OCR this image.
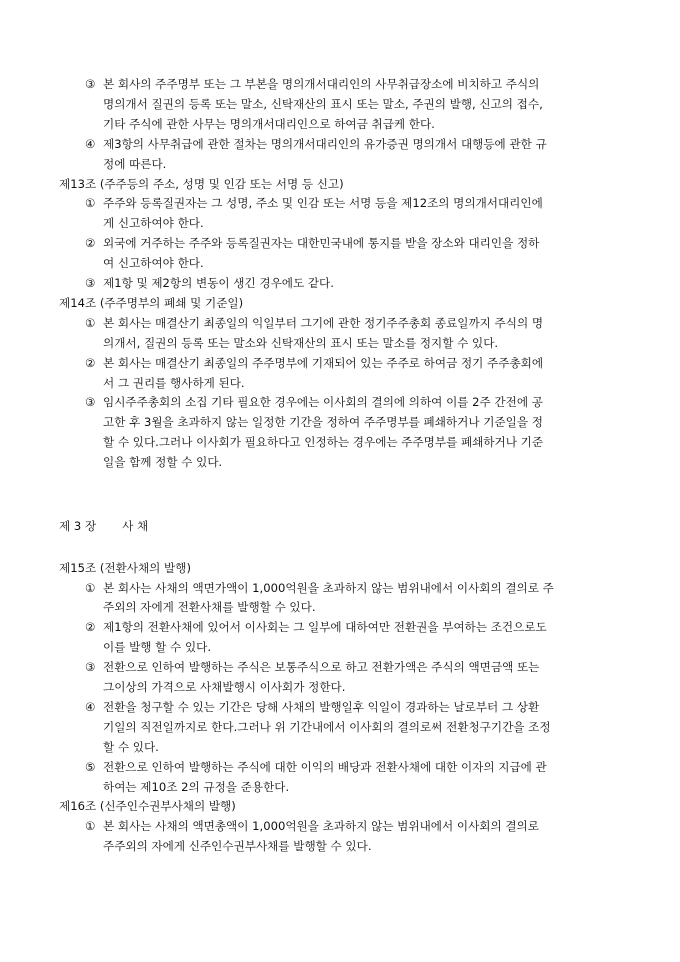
③ 본 회사의 주주명부 또는 그 부본을 명의개서대리인의 사무취급장소에 비치하고 주식의
명의개서 질권의 등록 또는 말소, 신탁재산의 표시 또는 말소, 주권의 발행, 신고의 접수,
기타 주식에 관한 사무는 명의개서대리인으로 하여금 취급케 한다.
④ 제3항의 사무취급에 관한 절차는 명의개서대리인의 유가증권 명의개서 대행등에 관한 규
정에 따른다.
제13조 (주주등의 주소, 성명 및 인감 또는 서명 등 신고)
① 주주와 등록질권자는 그 성명, 주소 및 인감 또는 서명 등을 제12조의 명의개서대리인에
게 신고하여야 한다.
② 외국에 거주하는 주주와 등록질권자는 대한민국내에 통지를 받을 장소와 대리인을 정하
여 신고하여야 한다.
③ 제1항 및 제2항의 변동이 생긴 경우에도 같다.
제14조 (주주명부의 폐쇄 및 기준일)
① 본 회사는 매결산기 최종일의 익일부터 그기에 관한 정기주주총회 종료일까지 주식의 명
의개서, 질권의 등록 또는 말소와 신탁재산의 표시 또는 말소를 정지할 수 있다.
② 본 회사는 매결산기 최종일의 주주명부에 기재되어 있는 주주로 하여금 정기 주주총회에
서 그 권리를 행사하게 된다.
③ 임시주주총회의 소집 기타 필요한 경우에는 이사회의 결의에 의하여 이를 2주 간전에 공
고한 후 3월을 초과하지 않는 일정한 기간을 정하여 주주명부를 폐쇄하거나 기준일을 정
할 수 있다.그러나 이사회가 필요하다고 인정하는 경우에는 주주명부를 폐쇄하거나 기준
일을 함께 정할 수 있다.
제 3 장 사 채
제15조 (전환사채의 발행)
① 본 회사는 사채의 액면가액이 1,000억원을 초과하지 않는 범위내에서 이사회의 결의로 주
주외의 자에게 전환사채를 발행할 수 있다.
② 제1항의 전환사채에 있어서 이사회는 그 일부에 대하여만 전환권을 부여하는 조건으로도
이를 발행 할 수 있다.
③ 전환으로 인하여 발행하는 주식은 보통주식으로 하고 전환가액은 주식의 액면금액 또는
그이상의 가격으로 사채발행시 이사회가 정한다.
④ 전환을 청구할 수 있는 기간은 당해 사채의 발행일후 익일이 경과하는 날로부터 그 상환
기일의 직전일까지로 한다.그러나 위 기간내에서 이사회의 결의로써 전환청구기간을 조정
할 수 있다.
⑤ 전환으로 인하여 발행하는 주식에 대한 이익의 배당과 전환사채에 대한 이자의 지급에 관
하여는 제10조 2의 규정을 준용한다.
제16조 (신주인수권부사채의 발행)
① 본 회사는 사채의 액면총액이 1,000억원을 초과하지 않는 범위내에서 이사회의 결의로
주주외의 자에게 신주인수권부사채를 발행할 수 있다.
